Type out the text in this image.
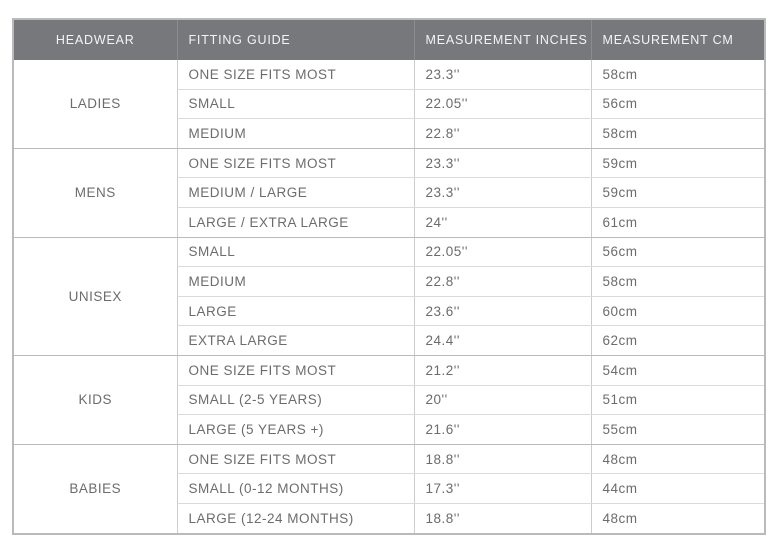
HEADWEAR	FITTING GUIDE	MEASUREMENT INCHES	MEASUREMENT CM
LADIES	ONE SIZE FITS MOST	23.3''	58cm
	SMALL	22.05''	56cm
	MEDIUM	22.8''	58cm
MENS	ONE SIZE FITS MOST	23.3''	59cm
	MEDIUM / LARGE	23.3''	59cm
	LARGE / EXTRA LARGE	24''	61cm
UNISEX	SMALL	22.05''	56cm
	MEDIUM	22.8''	58cm
	LARGE	23.6''	60cm
	EXTRA LARGE	24.4''	62cm
KIDS	ONE SIZE FITS MOST	21.2''	54cm
	SMALL (2-5 YEARS)	20''	51cm
	LARGE (5 YEARS +)	21.6''	55cm
BABIES	ONE SIZE FITS MOST	18.8''	48cm
	SMALL (0-12 MONTHS)	17.3''	44cm
	LARGE (12-24 MONTHS)	18.8''	48cm
